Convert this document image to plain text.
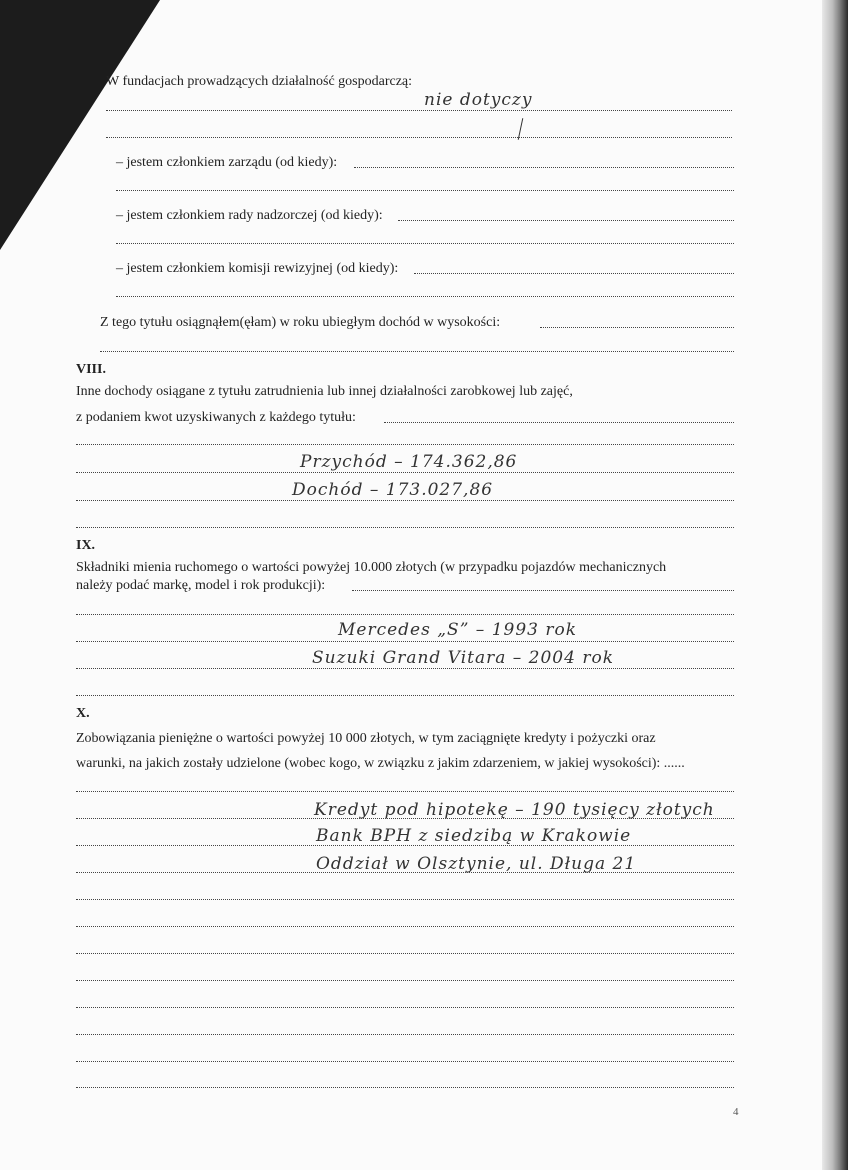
W fundacjach prowadzących działalność gospodarczą:
nie dotyczy
– jestem członkiem zarządu (od kiedy):
– jestem członkiem rady nadzorczej (od kiedy):
– jestem członkiem komisji rewizyjnej (od kiedy):
Z tego tytułu osiągnąłem(ęłam) w roku ubiegłym dochód w wysokości:
VIII.
Inne dochody osiągane z tytułu zatrudnienia lub innej działalności zarobkowej lub zajęć,
z podaniem kwot uzyskiwanych z każdego tytułu:
Przychód – 174.362,86
Dochód – 173.027,86
IX.
Składniki mienia ruchomego o wartości powyżej 10.000 złotych (w przypadku pojazdów mechanicznych
należy podać markę, model i rok produkcji):
Mercedes „S” – 1993 rok
Suzuki Grand Vitara – 2004 rok
X.
Zobowiązania pieniężne o wartości powyżej 10 000 złotych, w tym zaciągnięte kredyty i pożyczki oraz
warunki, na jakich zostały udzielone (wobec kogo, w związku z jakim zdarzeniem, w jakiej wysokości): ......
Kredyt pod hipotekę – 190 tysięcy złotych
Bank BPH z siedzibą w Krakowie
Oddział w Olsztynie, ul. Długa 21
4
